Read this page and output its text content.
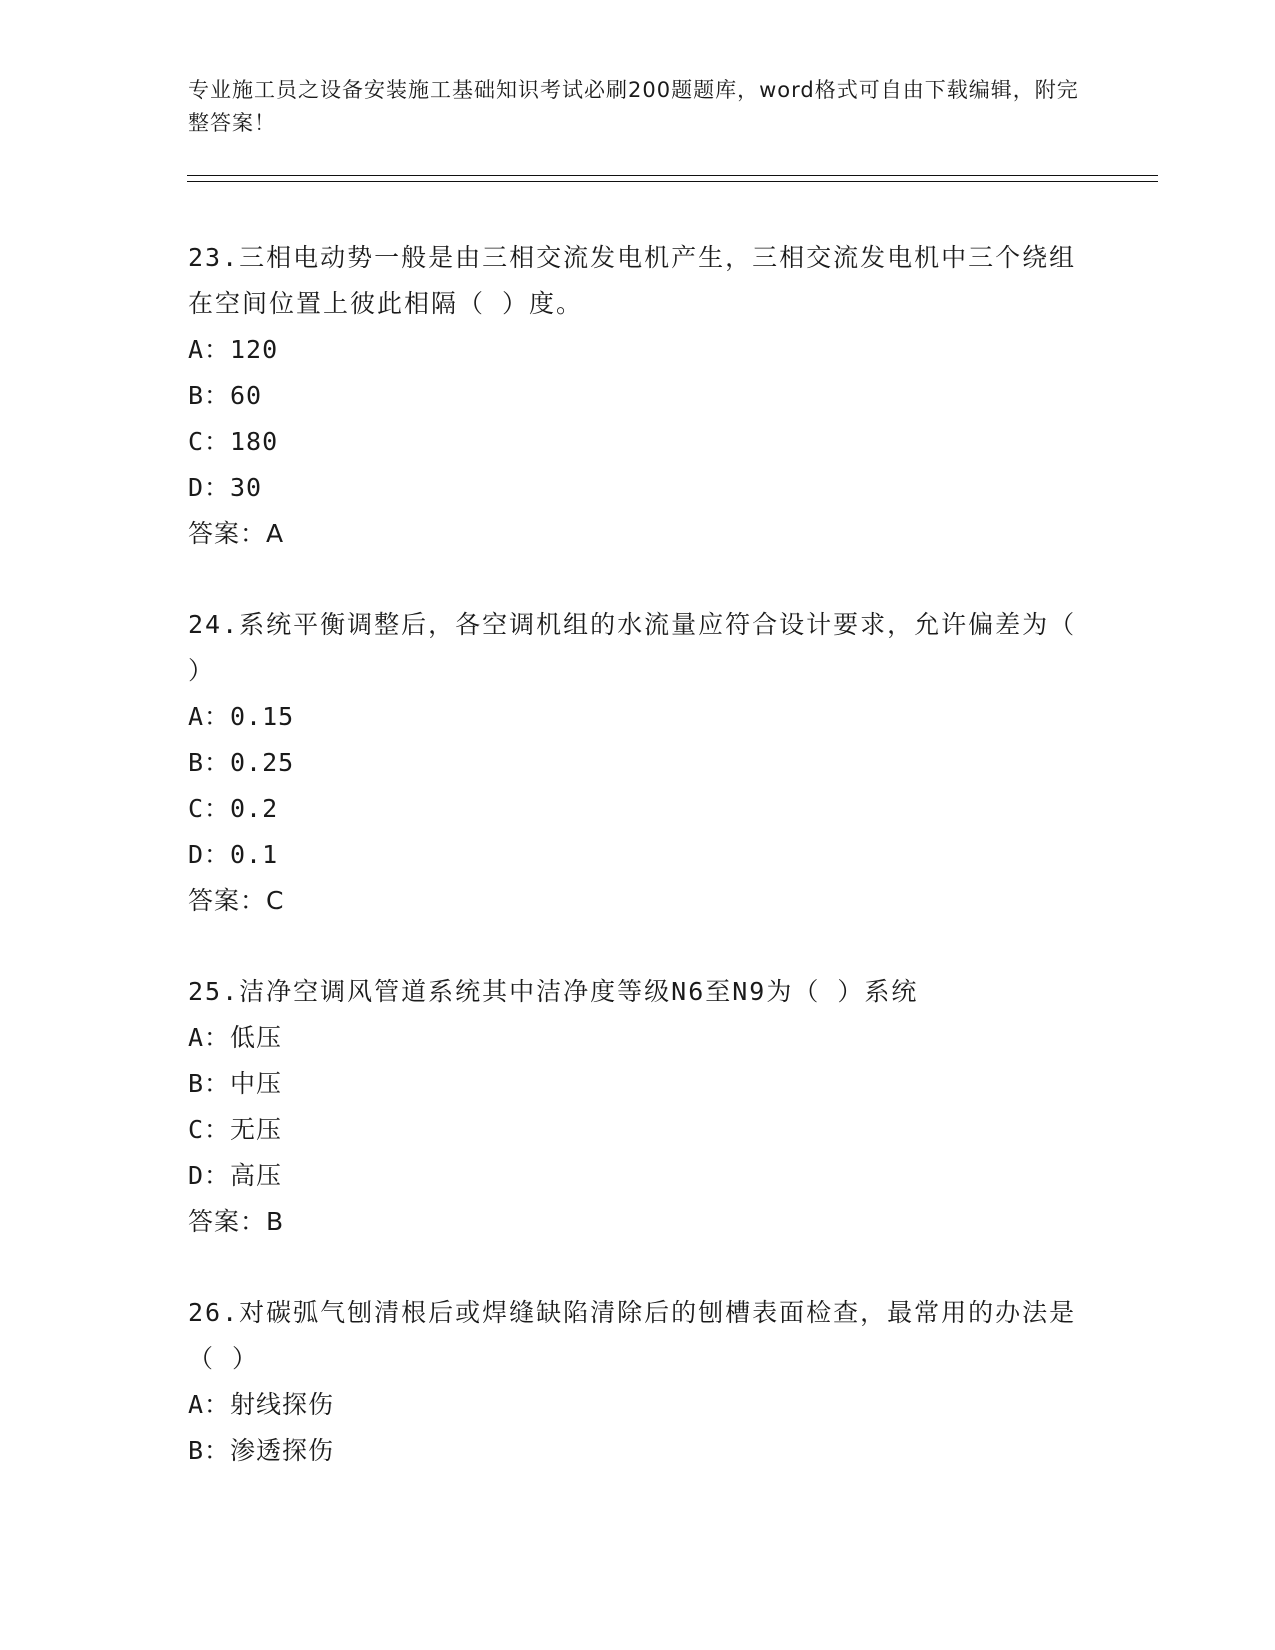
专业施工员之设备安装施工基础知识考试必刷200题题库，word格式可自由下载编辑，附完整答案！

23.三相电动势一般是由三相交流发电机产生，三相交流发电机中三个绕组在空间位置上彼此相隔（ ）度。

A：120

B：60

C：180

D：30

答案：A

24.系统平衡调整后，各空调机组的水流量应符合设计要求，允许偏差为（ ）

A：0.15

B：0.25

C：0.2

D：0.1

答案：C

25.洁净空调风管道系统其中洁净度等级N6至N9为（ ）系统

A：低压

B：中压

C：无压

D：高压

答案：B

26.对碳弧气刨清根后或焊缝缺陷清除后的刨槽表面检查，最常用的办法是（ ）

A：射线探伤

B：渗透探伤
